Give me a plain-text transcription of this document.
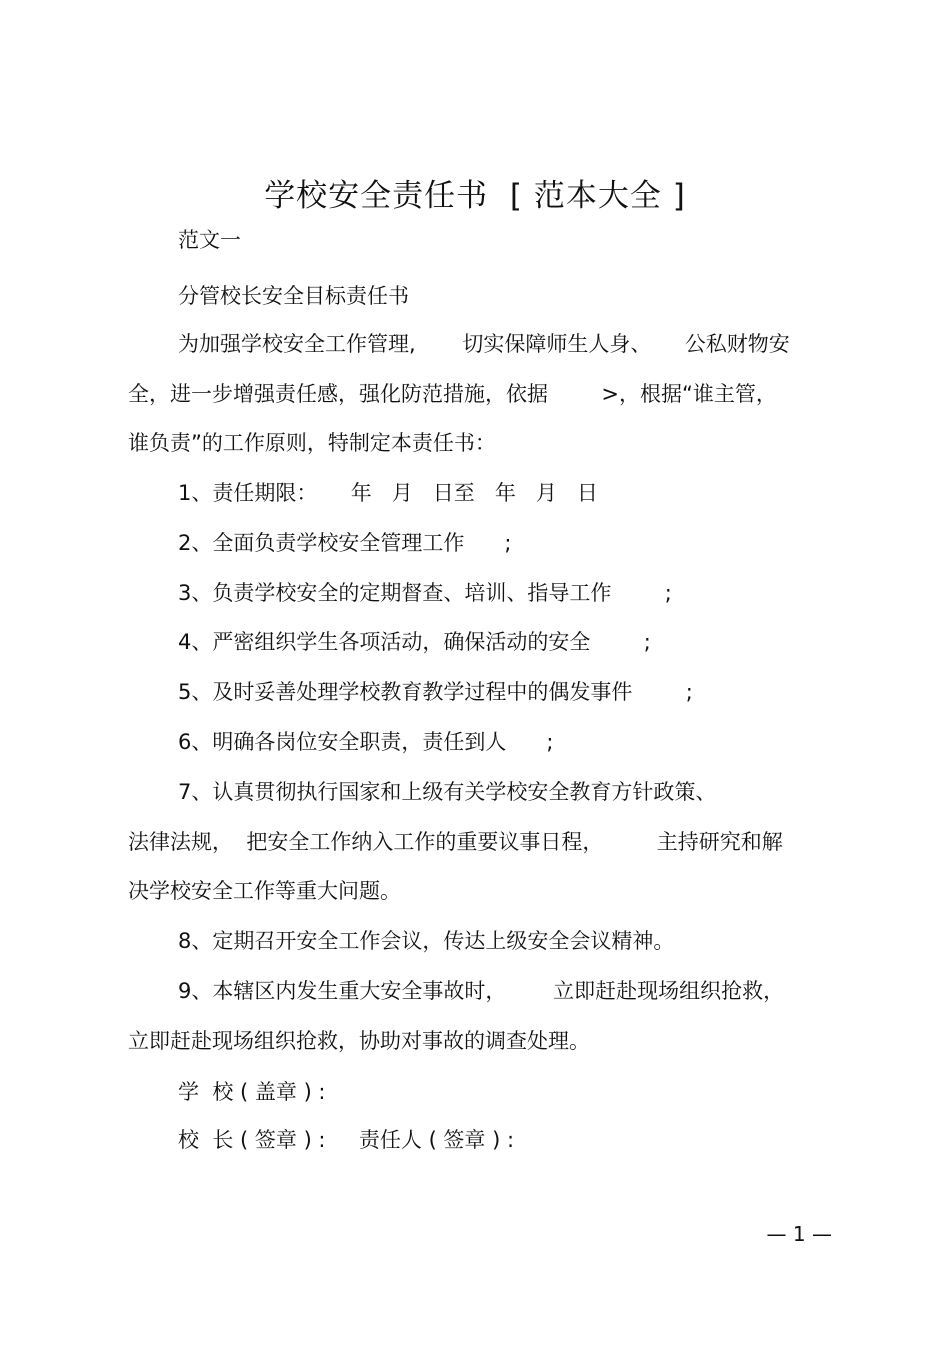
学校安全责任书  [ 范本大全 ]
范文一
分管校长安全目标责任书
为加强学校安全工作管理,       切实保障师生人身、     公私财物安
全，进一步增强责任感，强化防范措施，依据        >，根据“谁主管，
谁负责”的工作原则，特制定本责任书：
1、责任期限：     年   月   日至   年   月   日
2、全面负责学校安全管理工作      ;
3、负责学校安全的定期督查、培训、指导工作        ;
4、严密组织学生各项活动，确保活动的安全        ;
5、及时妥善处理学校教育教学过程中的偶发事件        ;
6、明确各岗位安全职责，责任到人      ;
7、认真贯彻执行国家和上级有关学校安全教育方针政策、
法律法规，  把安全工作纳入工作的重要议事日程，        主持研究和解
决学校安全工作等重大问题。
8、定期召开安全工作会议，传达上级安全会议精神。
9、本辖区内发生重大安全事故时，       立即赶赴现场组织抢救，
立即赶赴现场组织抢救，协助对事故的调查处理。
学  校 ( 盖章 ) :
校  长 ( 签章 ) :     责任人 ( 签章 ) :
— 1 —
